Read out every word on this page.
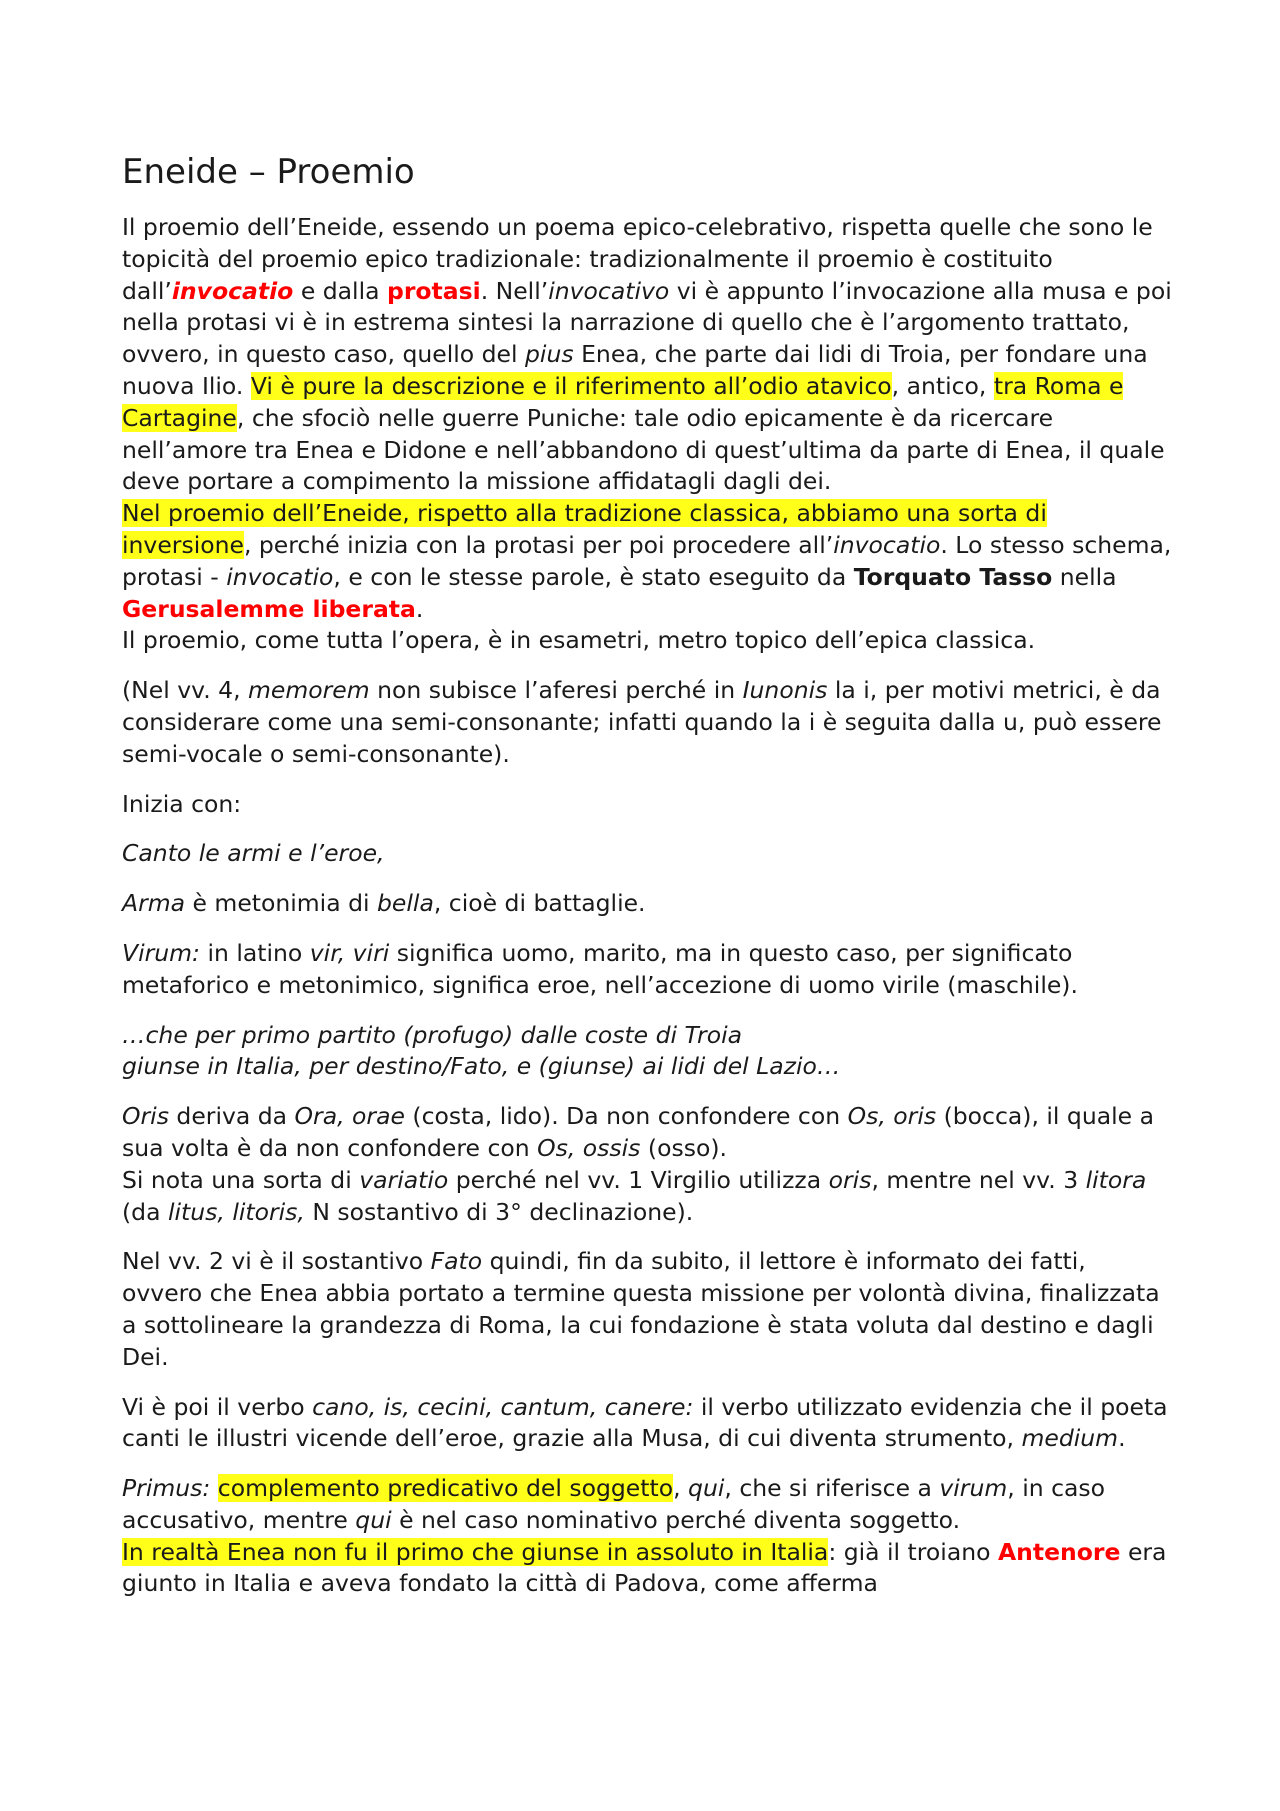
Eneide – Proemio

Il proemio dell’Eneide, essendo un poema epico-celebrativo, rispetta quelle che sono le topicità del proemio epico tradizionale: tradizionalmente il proemio è costituito dall’invocatio e dalla protasi. Nell’invocativo vi è appunto l’invocazione alla musa e poi nella protasi vi è in estrema sintesi la narrazione di quello che è l’argomento trattato, ovvero, in questo caso, quello del pius Enea, che parte dai lidi di Troia, per fondare una nuova Ilio. Vi è pure la descrizione e il riferimento all’odio atavico, antico, tra Roma e Cartagine, che sfociò nelle guerre Puniche: tale odio epicamente è da ricercare nell’amore tra Enea e Didone e nell’abbandono di quest’ultima da parte di Enea, il quale deve portare a compimento la missione affidatagli dagli dei.

Nel proemio dell’Eneide, rispetto alla tradizione classica, abbiamo una sorta di inversione, perché inizia con la protasi per poi procedere all’invocatio. Lo stesso schema, protasi - invocatio, e con le stesse parole, è stato eseguito da Torquato Tasso nella Gerusalemme liberata.

Il proemio, come tutta l’opera, è in esametri, metro topico dell’epica classica.

(Nel vv. 4, memorem non subisce l’aferesi perché in Iunonis la i, per motivi metrici, è da considerare come una semi-consonante; infatti quando la i è seguita dalla u, può essere semi-vocale o semi-consonante).

Inizia con:

Canto le armi e l’eroe,

Arma è metonimia di bella, cioè di battaglie.

Virum: in latino vir, viri significa uomo, marito, ma in questo caso, per significato metaforico e metonimico, significa eroe, nell’accezione di uomo virile (maschile).

…che per primo partito (profugo) dalle coste di Troia
giunse in Italia, per destino/Fato, e (giunse) ai lidi del Lazio…

Oris deriva da Ora, orae (costa, lido). Da non confondere con Os, oris (bocca), il quale a sua volta è da non confondere con Os, ossis (osso).

Si nota una sorta di variatio perché nel vv. 1 Virgilio utilizza oris, mentre nel vv. 3 litora (da litus, litoris, N sostantivo di 3° declinazione).

Nel vv. 2 vi è il sostantivo Fato quindi, fin da subito, il lettore è informato dei fatti, ovvero che Enea abbia portato a termine questa missione per volontà divina, finalizzata a sottolineare la grandezza di Roma, la cui fondazione è stata voluta dal destino e dagli Dei.

Vi è poi il verbo cano, is, cecini, cantum, canere: il verbo utilizzato evidenzia che il poeta canti le illustri vicende dell’eroe, grazie alla Musa, di cui diventa strumento, medium.

Primus: complemento predicativo del soggetto, qui, che si riferisce a virum, in caso accusativo, mentre qui è nel caso nominativo perché diventa soggetto.

In realtà Enea non fu il primo che giunse in assoluto in Italia: già il troiano Antenore era giunto in Italia e aveva fondato la città di Padova, come afferma
